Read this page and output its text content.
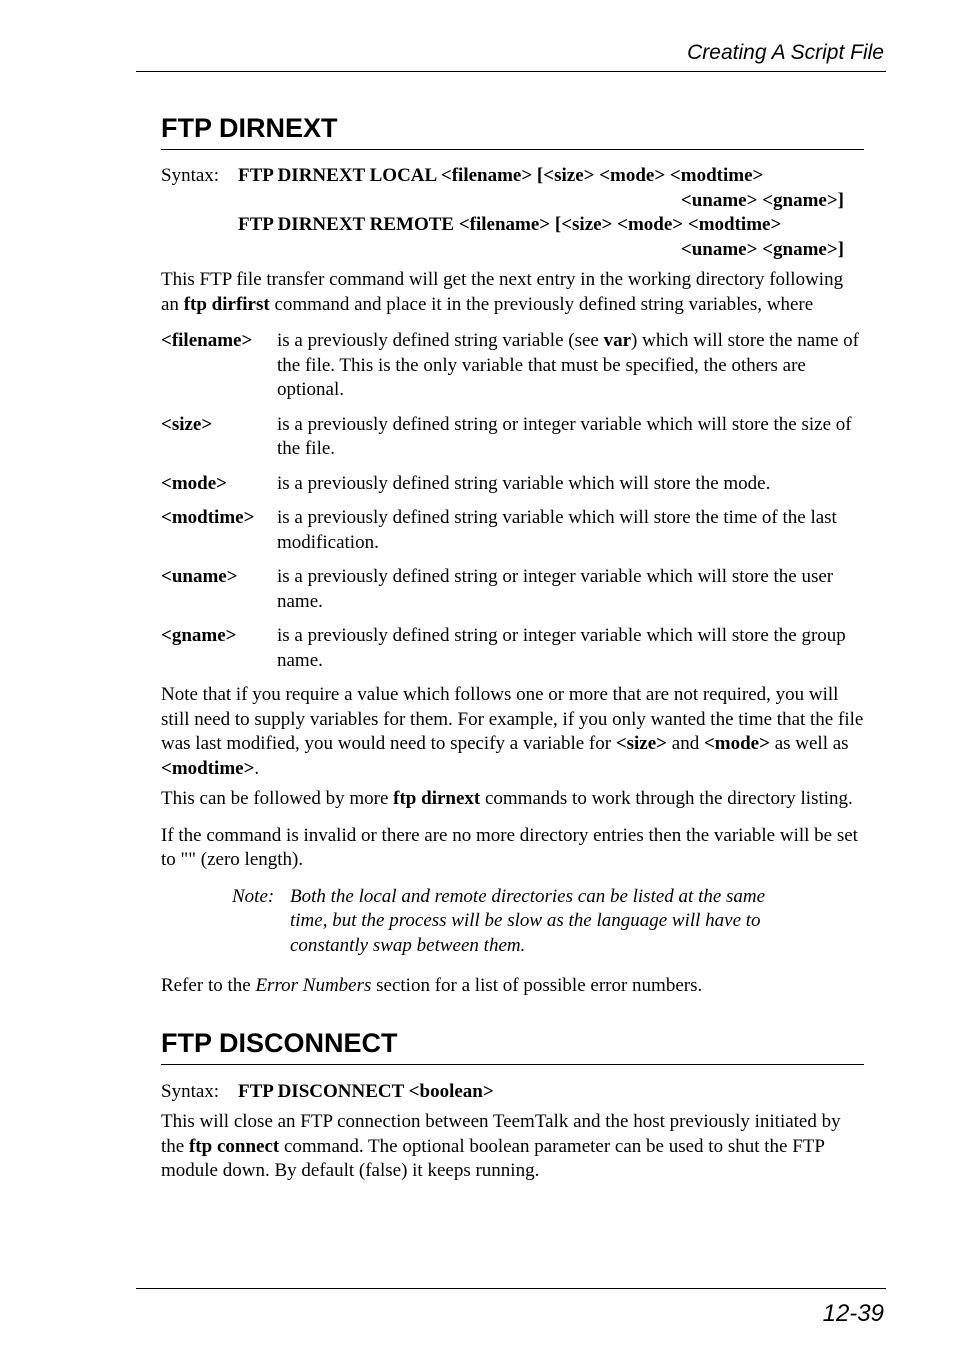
Creating A Script File
FTP DIRNEXT
Syntax: FTP DIRNEXT LOCAL <filename> [<size> <mode> <modtime>
<uname> <gname>]
FTP DIRNEXT REMOTE <filename> [<size> <mode> <modtime>
<uname> <gname>]

This FTP file transfer command will get the next entry in the working directory following an ftp dirfirst command and place it in the previously defined string variables, where

<filename>	is a previously defined string variable (see var) which will store the name of the file. This is the only variable that must be specified, the others are optional.
<size>	is a previously defined string or integer variable which will store the size of the file.
<mode>	is a previously defined string variable which will store the mode.
<modtime>	is a previously defined string variable which will store the time of the last modification.
<uname>	is a previously defined string or integer variable which will store the user name.
<gname>	is a previously defined string or integer variable which will store the group name.

Note that if you require a value which follows one or more that are not required, you will still need to supply variables for them. For example, if you only wanted the time that the file was last modified, you would need to specify a variable for <size> and <mode> as well as <modtime>.

This can be followed by more ftp dirnext commands to work through the directory listing.

If the command is invalid or there are no more directory entries then the variable will be set to "" (zero length).

Note: Both the local and remote directories can be listed at the same time, but the process will be slow as the language will have to constantly swap between them.

Refer to the Error Numbers section for a list of possible error numbers.

FTP DISCONNECT
Syntax: FTP DISCONNECT <boolean>

This will close an FTP connection between TeemTalk and the host previously initiated by the ftp connect command. The optional boolean parameter can be used to shut the FTP module down. By default (false) it keeps running.

12-39
